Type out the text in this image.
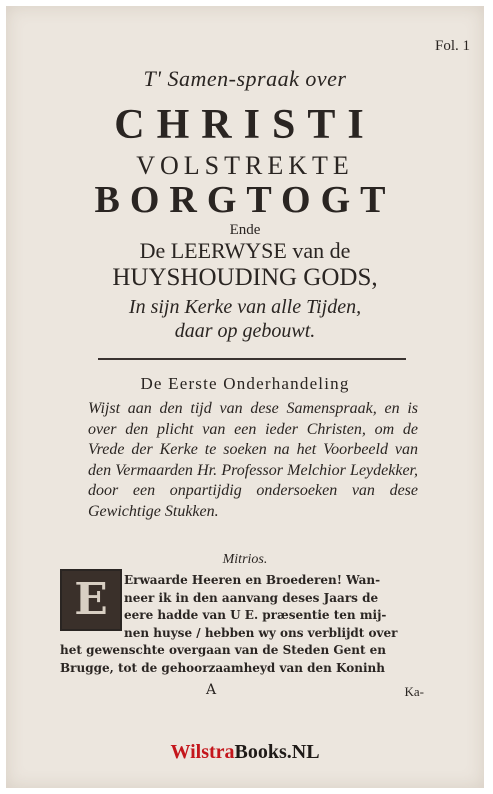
Fol. 1
T' Samen-spraak over
CHRISTI
VOLSTREKTE
BORGTOGT
Ende
De LEERWYSE van de
HUYSHOUDING GODS,
In sijn Kerke van alle Tijden,
daar op gebouwt.
De Eerste Onderhandeling
Wijst aan den tijd van dese Samenspraak, en is over den plicht van een ieder Christen, om de Vrede der Kerke te soeken na het Voorbeeld van den Vermaarden Hr. Professor Melchior Leydekker, door een onpartijdig ondersoeken van dese Gewichtige Stukken.
Mitrios.
E	Erwaarde Heeren en Broederen! Wan-
neer ik in den aanvang deses Jaars de
eere hadde van U E. præsentie ten mij-
nen huyse / hebben wy ons verblijdt over
het gewenschte overgaan van de Steden Gent en
Brugge, tot de gehoorzaamheyd van den Koninh
A	Ka-
WilstraBooks.NL
